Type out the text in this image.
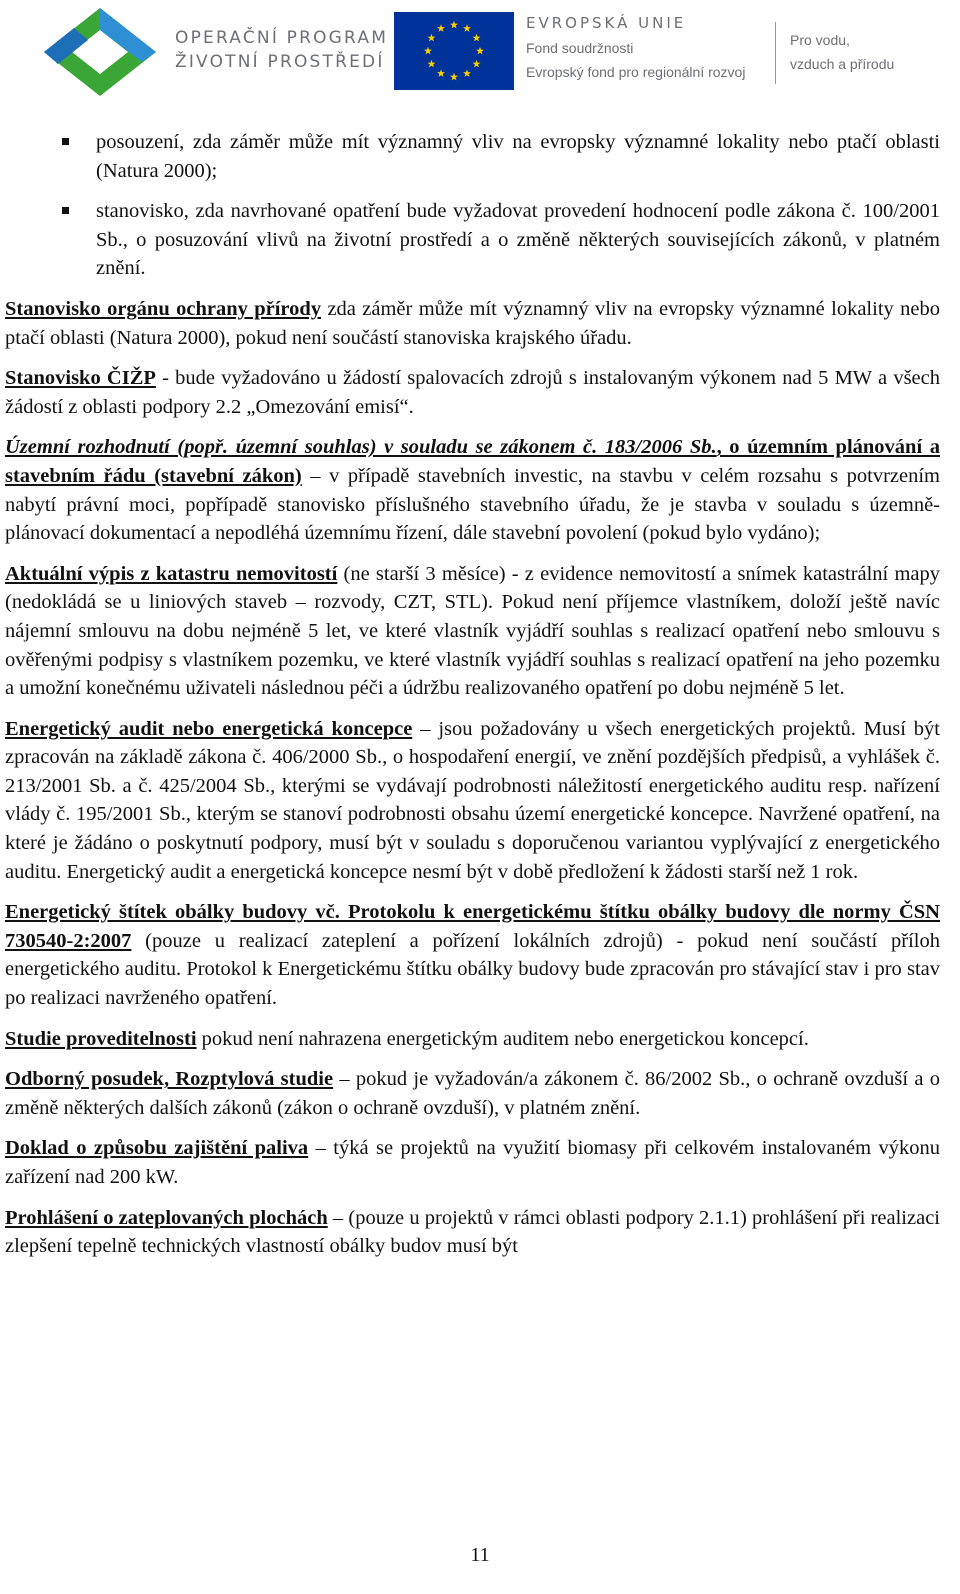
OPERAČNÍ PROGRAM
ŽIVOTNÍ PROSTŘEDÍ
EVROPSKÁ UNIE
Fond soudržnosti
Evropský fond pro regionální rozvoj
Pro vodu,
vzduch a přírodu
posouzení, zda záměr může mít významný vliv na evropsky významné lokality nebo ptačí oblasti (Natura 2000);
stanovisko, zda navrhované opatření bude vyžadovat provedení hodnocení podle zákona č. 100/2001 Sb., o posuzování vlivů na životní prostředí a o změně některých souvisejících zákonů, v platném znění.

Stanovisko orgánu ochrany přírody zda záměr může mít významný vliv na evropsky významné lokality nebo ptačí oblasti (Natura 2000), pokud není součástí stanoviska krajského úřadu.

Stanovisko ČIŽP - bude vyžadováno u žádostí spalovacích zdrojů s instalovaným výkonem nad 5 MW a všech žádostí z oblasti podpory 2.2 „Omezování emisí“.

Územní rozhodnutí (popř. územní souhlas) v souladu se zákonem č. 183/2006 Sb., o územním plánování a stavebním řádu (stavební zákon) – v případě stavebních investic, na stavbu v celém rozsahu s potvrzením nabytí právní moci, popřípadě stanovisko příslušného stavebního úřadu, že je stavba v souladu s územně-plánovací dokumentací a nepodléhá územnímu řízení, dále stavební povolení (pokud bylo vydáno);

Aktuální výpis z katastru nemovitostí (ne starší 3 měsíce) - z evidence nemovitostí a snímek katastrální mapy (nedokládá se u liniových staveb – rozvody, CZT, STL). Pokud není příjemce vlastníkem, doloží ještě navíc nájemní smlouvu na dobu nejméně 5 let, ve které vlastník vyjádří souhlas s realizací opatření nebo smlouvu s ověřenými podpisy s vlastníkem pozemku, ve které vlastník vyjádří souhlas s realizací opatření na jeho pozemku a umožní konečnému uživateli následnou péči a údržbu realizovaného opatření po dobu nejméně 5 let.

Energetický audit nebo energetická koncepce – jsou požadovány u všech energetických projektů. Musí být zpracován na základě zákona č. 406/2000 Sb., o hospodaření energií, ve znění pozdějších předpisů, a vyhlášek č. 213/2001 Sb. a č. 425/2004 Sb., kterými se vydávají podrobnosti náležitostí energetického auditu resp. nařízení vlády č. 195/2001 Sb., kterým se stanoví podrobnosti obsahu území energetické koncepce. Navržené opatření, na které je žádáno o poskytnutí podpory, musí být v souladu s doporučenou variantou vyplývající z energetického auditu. Energetický audit a energetická koncepce nesmí být v době předložení k žádosti starší než 1 rok.

Energetický štítek obálky budovy vč. Protokolu k energetickému štítku obálky budovy dle normy ČSN 730540-2:2007 (pouze u realizací zateplení a pořízení lokálních zdrojů) - pokud není součástí příloh energetického auditu. Protokol k Energetickému štítku obálky budovy bude zpracován pro stávající stav i pro stav po realizaci navrženého opatření.

Studie proveditelnosti pokud není nahrazena energetickým auditem nebo energetickou koncepcí.

Odborný posudek, Rozptylová studie – pokud je vyžadován/a zákonem č. 86/2002 Sb., o ochraně ovzduší a o změně některých dalších zákonů (zákon o ochraně ovzduší), v platném znění.

Doklad o způsobu zajištění paliva – týká se projektů na využití biomasy při celkovém instalovaném výkonu zařízení nad 200 kW.

Prohlášení o zateplovaných plochách – (pouze u projektů v rámci oblasti podpory 2.1.1) prohlášení při realizaci zlepšení tepelně technických vlastností obálky budov musí být

11
